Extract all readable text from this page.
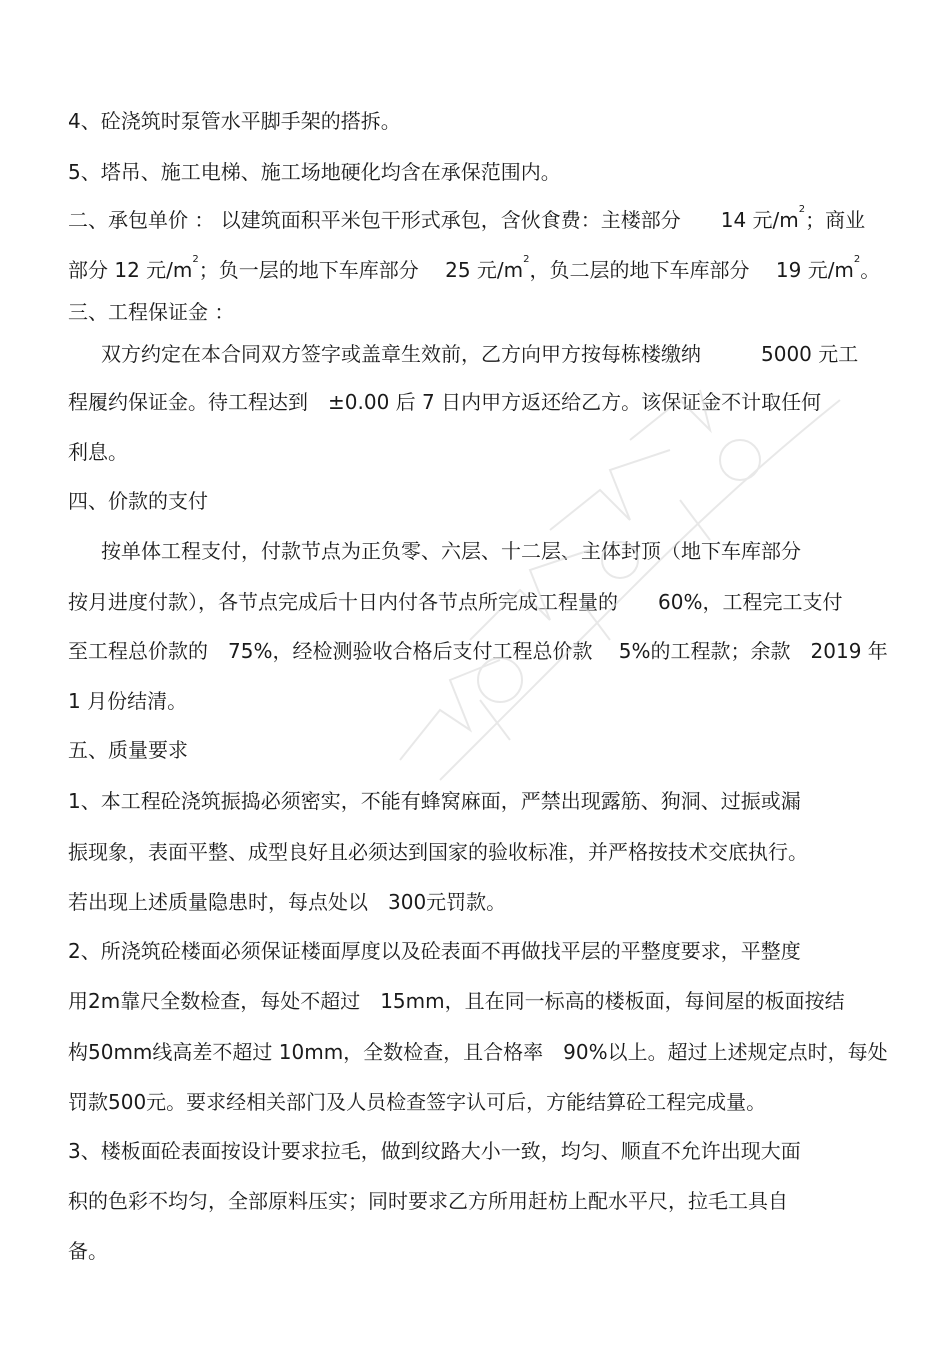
4、砼浇筑时泵管水平脚手架的搭拆。
5、塔吊、施工电梯、施工场地硬化均含在承保范围内。
二、承包单价 ： 以建筑面积平米包干形式承包，含伙食费：主楼部分　　14 元$/m^2$；商业
部分 12 元$/m^2$；负一层的地下车库部分　 25 元$/m^2$，负二层的地下车库部分　 19 元$/m^2$。
三、工程保证金 ：
双方约定在本合同双方签字或盖章生效前，乙方向甲方按每栋楼缴纳　　　5000 元工
程履约保证金。待工程达到　±0.00 后 7 日内甲方返还给乙方。该保证金不计取任何
利息。
四、价款的支付
按单体工程支付，付款节点为正负零、六层、十二层、主体封顶（地下车库部分
按月进度付款），各节点完成后十日内付各节点所完成工程量的　　60%，工程完工支付
至工程总价款的　75%，经检测验收合格后支付工程总价款　 5%的工程款；余款　2019 年
1 月份结清。
五、质量要求
1、本工程砼浇筑振捣必须密实，不能有蜂窝麻面，严禁出现露筋、狗洞、过振或漏
振现象，表面平整、成型良好且必须达到国家的验收标准，并严格按技术交底执行。
若出现上述质量隐患时，每点处以　300元罚款。
2、所浇筑砼楼面必须保证楼面厚度以及砼表面不再做找平层的平整度要求，平整度
用2m靠尺全数检查，每处不超过　15mm，且在同一标高的楼板面，每间屋的板面按结
构50mm线高差不超过 10mm，全数检查，且合格率　90%以上。超过上述规定点时，每处
罚款500元。要求经相关部门及人员检查签字认可后，方能结算砼工程完成量。
3、楼板面砼表面按设计要求拉毛，做到纹路大小一致，均匀、顺直不允许出现大面
积的色彩不均匀，全部原料压实；同时要求乙方所用赶枋上配水平尺，拉毛工具自
备。
